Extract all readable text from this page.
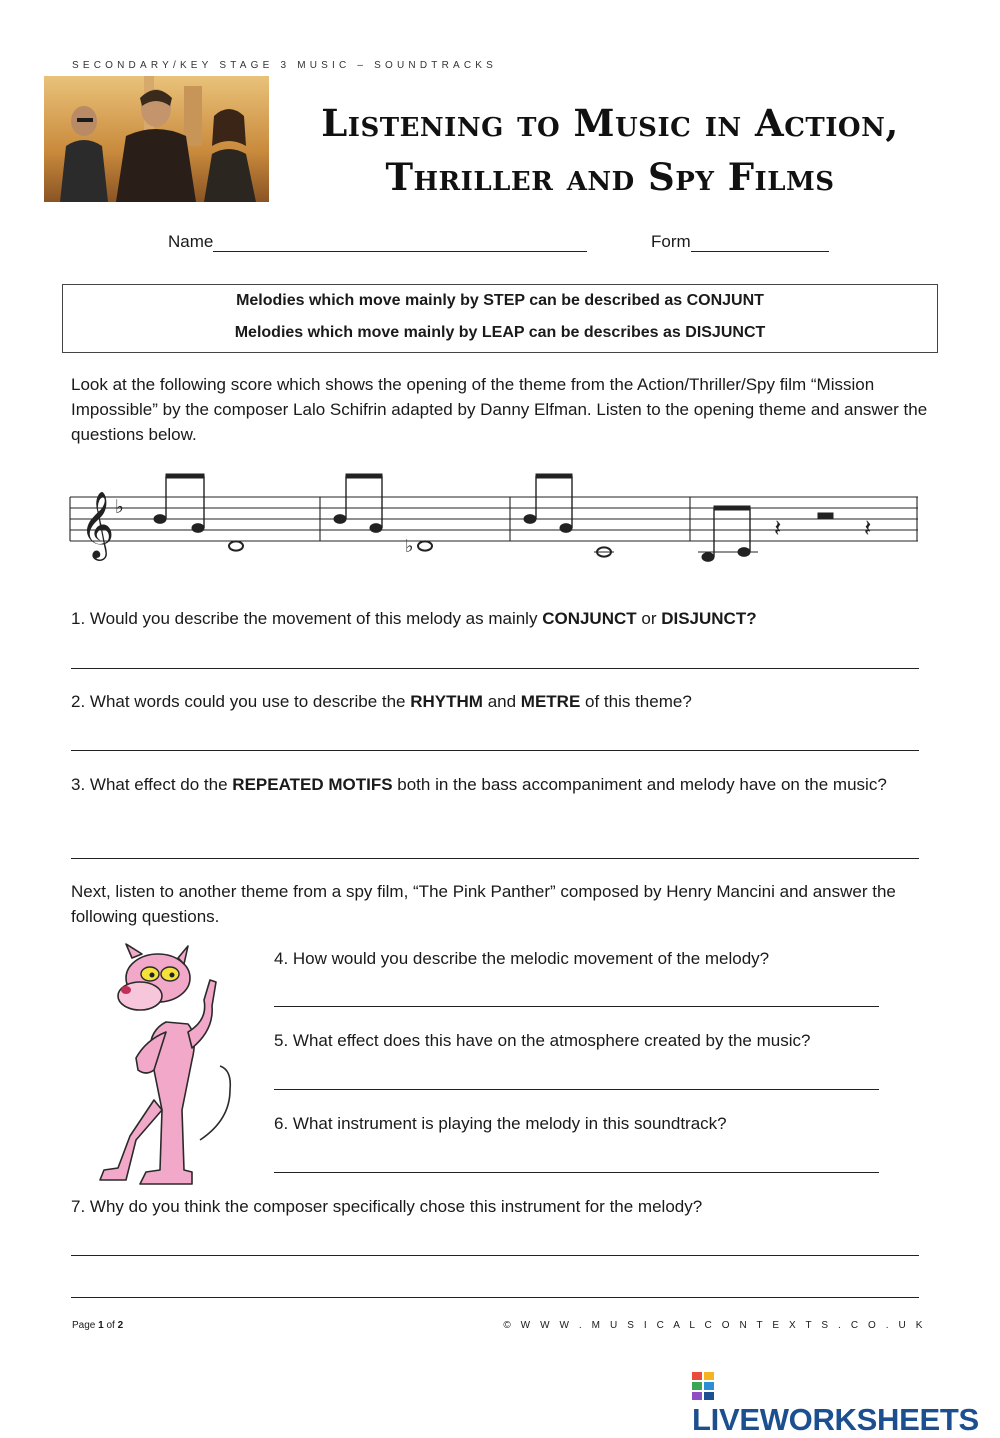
SECONDARY/KEY STAGE 3 MUSIC – SOUNDTRACKS
Listening to Music in Action,
Thriller and Spy Films
Name	Form
Melodies which move mainly by STEP can be described as CONJUNT
Melodies which move mainly by LEAP can be describes as DISJUNCT
Look at the following score which shows the opening of the theme from the Action/Thriller/Spy film “Mission Impossible” by the composer Lalo Schifrin adapted by Danny Elfman. Listen to the opening theme and answer the questions below.
𝄞 ♭
♭
𝄽	𝄽
1. Would you describe the movement of this melody as mainly CONJUNCT or DISJUNCT?
2. What words could you use to describe the RHYTHM and METRE of this theme?
3. What effect do the REPEATED MOTIFS both in the bass accompaniment and melody have on the music?
Next, listen to another theme from a spy film, “The Pink Panther” composed by Henry Mancini and answer the following questions.
4. How would you describe the melodic movement of the melody?
5. What effect does this have on the atmosphere created by the music?
6. What instrument is playing the melody in this soundtrack?
7. Why do you think the composer specifically chose this instrument for the melody?
Page 1 of 2	© W W W . M U S I C A L C O N T E X T S . C O . U K
LIVEWORKSHEETS
